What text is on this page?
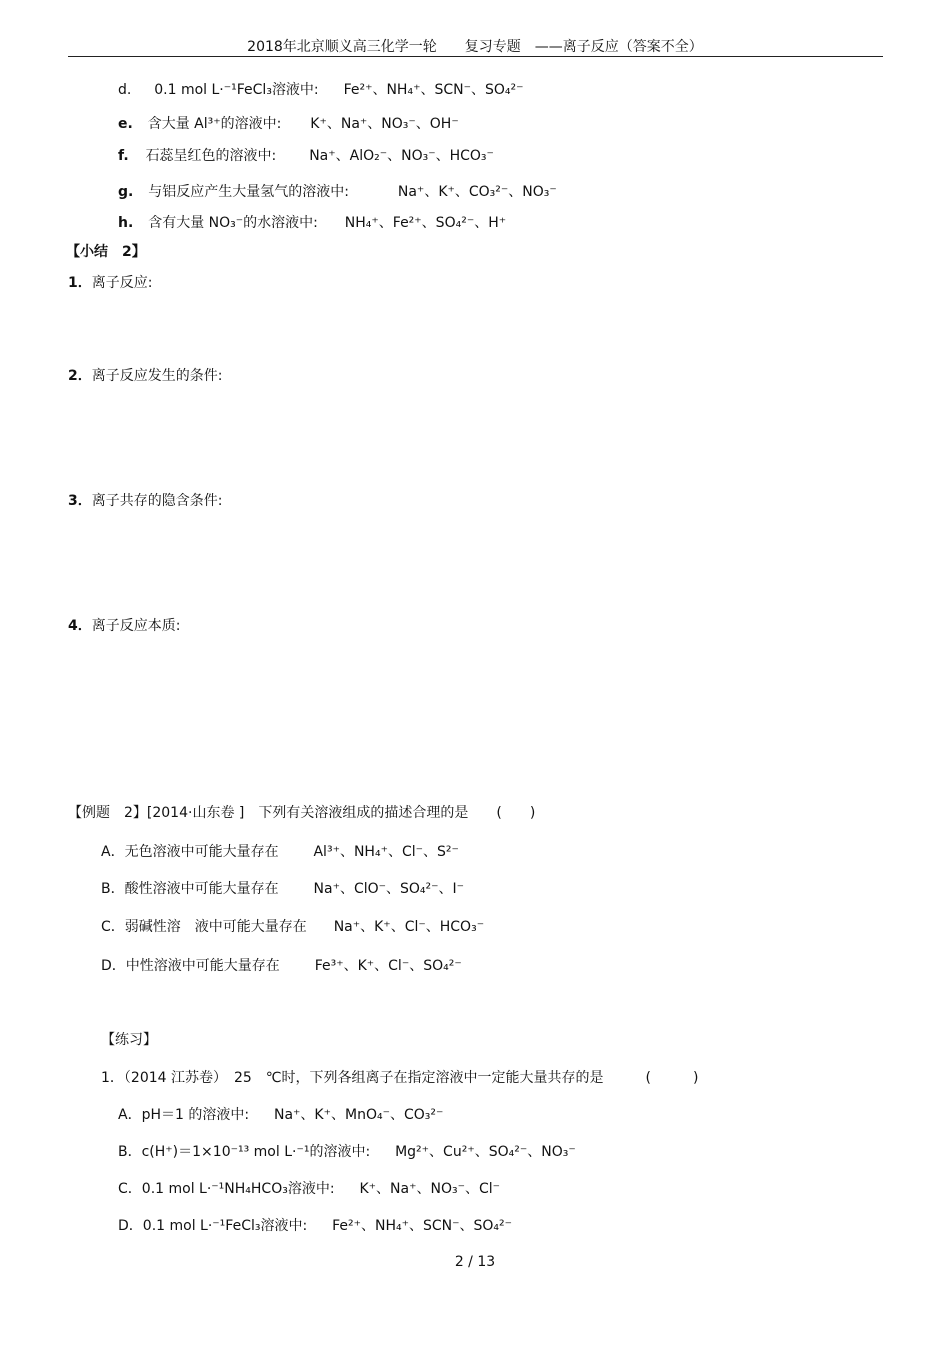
2018年北京顺义高三化学一轮　　复习专题　——离子反应（答案不全）
d. 0.1 mol L·⁻¹FeCl₃溶液中: Fe²⁺、NH₄⁺、SCN⁻、SO₄²⁻
e. 含大量 Al³⁺的溶液中: K⁺、Na⁺、NO₃⁻、OH⁻
f. 石蕊呈红色的溶液中: Na⁺、AlO₂⁻、NO₃⁻、HCO₃⁻
g. 与铝反应产生大量氢气的溶液中:	Na⁺、K⁺、CO₃²⁻、NO₃⁻
h. 含有大量 NO₃⁻的水溶液中: NH₄⁺、Fe²⁺、SO₄²⁻、H⁺
【小结　2】
1．离子反应:
2．离子反应发生的条件:
3．离子共存的隐含条件:
4．离子反应本质:
【例题　2】[2014·山东卷 ]　下列有关溶液组成的描述合理的是　　(　　)
A．无色溶液中可能大量存在 Al³⁺、NH₄⁺、Cl⁻、S²⁻
B．酸性溶液中可能大量存在 Na⁺、ClO⁻、SO₄²⁻、I⁻
C．弱碱性溶　液中可能大量存在 Na⁺、K⁺、Cl⁻、HCO₃⁻
D．中性溶液中可能大量存在 Fe³⁺、K⁺、Cl⁻、SO₄²⁻
【练习】
1．（2014 江苏卷）　25　℃时，下列各组离子在指定溶液中一定能大量共存的是　　　(　　　)
A．pH＝1 的溶液中: Na⁺、K⁺、MnO₄⁻、CO₃²⁻
B．c(H⁺)＝1×10⁻¹³ mol L·⁻¹的溶液中: Mg²⁺、Cu²⁺、SO₄²⁻、NO₃⁻
C．0.1 mol L·⁻¹NH₄HCO₃溶液中: K⁺、Na⁺、NO₃⁻、Cl⁻
D．0.1 mol L·⁻¹FeCl₃溶液中: Fe²⁺、NH₄⁺、SCN⁻、SO₄²⁻
2 / 13
